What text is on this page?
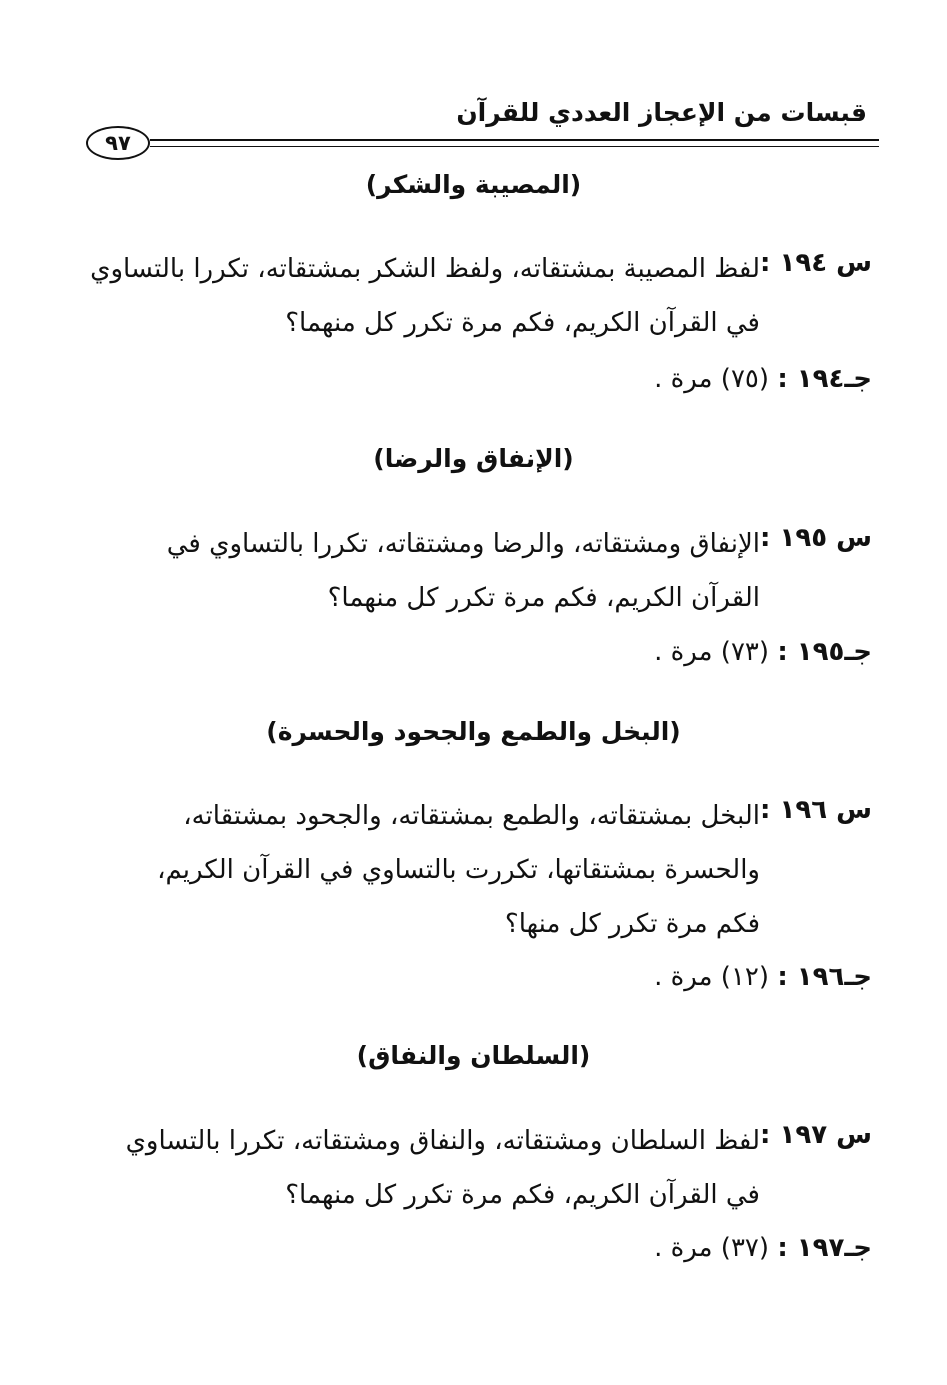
قبسات من الإعجاز العددي للقرآن
٩٧
(المصيبة والشكر)
س ١٩٤ :
لفظ المصيبة بمشتقاته، ولفظ الشكر بمشتقاته، تكررا بالتساوي
في القرآن الكريم، فكم مرة تكرر كل منهما؟
جـ١٩٤ : (٧٥) مرة .
(الإنفاق والرضا)
س ١٩٥ :
الإنفاق ومشتقاته، والرضا ومشتقاته، تكررا بالتساوي في
القرآن الكريم، فكم مرة تكرر كل منهما؟
جـ١٩٥ : (٧٣) مرة .
(البخل والطمع والجحود والحسرة)
س ١٩٦ :
البخل بمشتقاته، والطمع بمشتقاته، والجحود بمشتقاته،
والحسرة بمشتقاتها، تكررت بالتساوي في القرآن الكريم،
فكم مرة تكرر كل منها؟
جـ١٩٦ : (١٢) مرة .
(السلطان والنفاق)
س ١٩٧ :
لفظ السلطان ومشتقاته، والنفاق ومشتقاته، تكررا بالتساوي
في القرآن الكريم، فكم مرة تكرر كل منهما؟
جـ١٩٧ : (٣٧) مرة .
